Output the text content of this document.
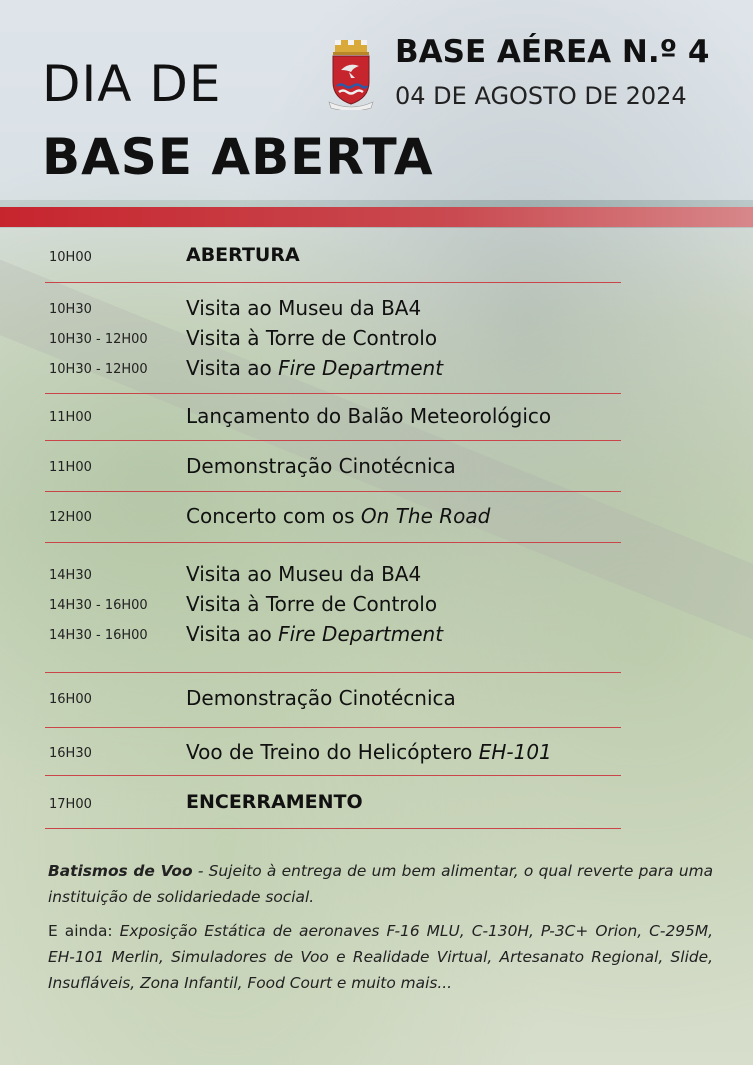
DIA DE
BASE ABERTA
BASE AÉREA N.º 4
04 DE AGOSTO DE 2024
10H00	ABERTURA
10H30	Visita ao Museu da BA4
10H30 - 12H00 Visita à Torre de Controlo
10H30 - 12H00 Visita ao Fire Department
11H00	Lançamento do Balão Meteorológico
11H00	Demonstração Cinotécnica
12H00	Concerto com os On The Road
14H30	Visita ao Museu da BA4
14H30 - 16H00 Visita à Torre de Controlo
14H30 - 16H00 Visita ao Fire Department
16H00	Demonstração Cinotécnica
16H30	Voo de Treino do Helicóptero EH-101
17H00	ENCERRAMENTO

Batismos de Voo - Sujeito à entrega de um bem alimentar, o qual reverte para uma instituição de solidariedade social.

E ainda: Exposição Estática de aeronaves F-16 MLU, C-130H, P-3C+ Orion, C-295M, EH-101 Merlin, Simuladores de Voo e Realidade Virtual, Artesanato Regional, Slide, Insufláveis, Zona Infantil, Food Court e muito mais...
